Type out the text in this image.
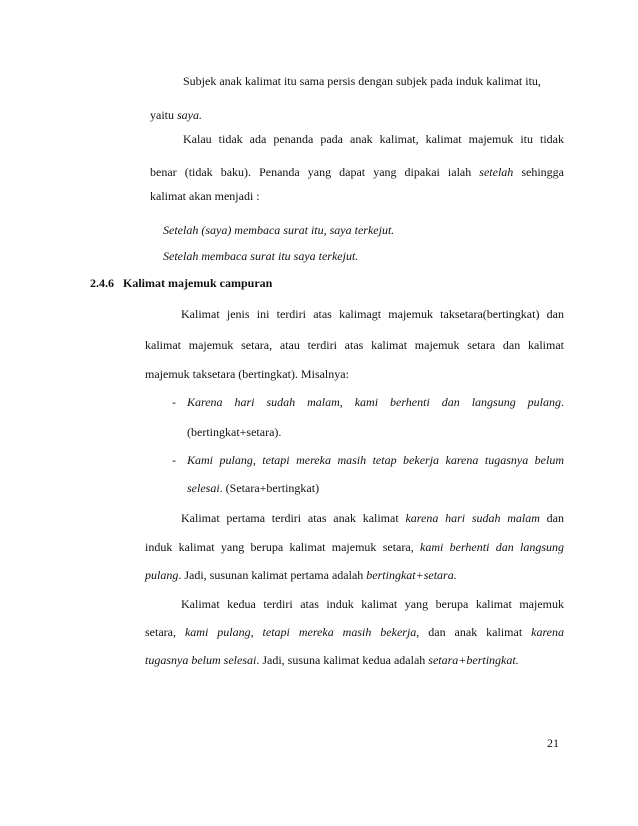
Subjek anak kalimat itu sama persis dengan subjek pada induk kalimat itu,
yaitu saya.
Kalau tidak ada penanda pada anak kalimat, kalimat majemuk itu tidak
benar (tidak baku). Penanda yang dapat yang dipakai ialah setelah sehingga
kalimat akan menjadi :
Setelah (saya) membaca surat itu, saya terkejut.
Setelah membaca surat itu saya terkejut.
2.4.6 Kalimat majemuk campuran
Kalimat jenis ini terdiri atas kalimagt majemuk taksetara(bertingkat) dan
kalimat majemuk setara, atau terdiri atas kalimat majemuk setara dan kalimat
majemuk taksetara (bertingkat). Misalnya:
- Karena hari sudah malam, kami berhenti dan langsung pulang.
(bertingkat+setara).
- Kami pulang, tetapi mereka masih tetap bekerja karena tugasnya belum
selesai. (Setara+bertingkat)
Kalimat pertama terdiri atas anak kalimat karena hari sudah malam dan
induk kalimat yang berupa kalimat majemuk setara, kami berhenti dan langsung
pulang. Jadi, susunan kalimat pertama adalah bertingkat+setara.
Kalimat kedua terdiri atas induk kalimat yang berupa kalimat majemuk
setara, kami pulang, tetapi mereka masih bekerja, dan anak kalimat karena
tugasnya belum selesai. Jadi, susuna kalimat kedua adalah setara+bertingkat.
21
